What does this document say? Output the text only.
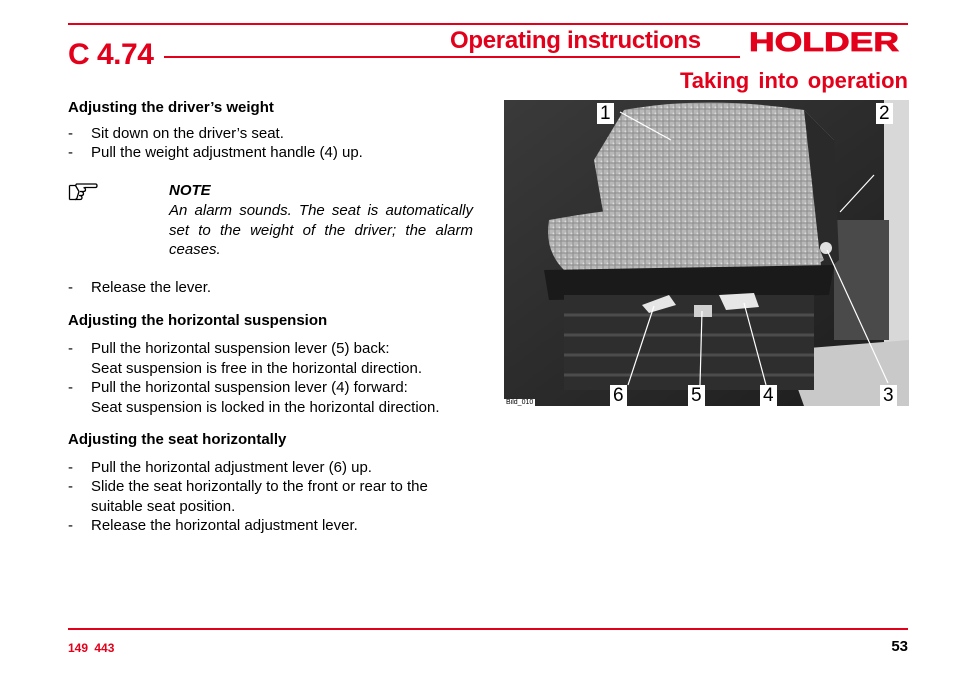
C 4.74	Operating instructions HOLDER
Taking into operation
Adjusting the driver’s weight
- Sit down on the driver’s seat.
- Pull the weight adjustment handle (4) up.
NOTE
An alarm sounds. The seat is automatically set to the weight of the driver; the alarm ceases.
- Release the lever.
Adjusting the horizontal suspension
- Pull the horizontal suspension lever (5) back:
Seat suspension is free in the horizontal direction.
- Pull the horizontal suspension lever (4) forward:
Seat suspension is locked in the horizontal direction.
Adjusting the seat horizontally
- Pull the horizontal adjustment lever (6) up.
- Slide the seat horizontally to the front or rear to the
suitable seat position.
- Release the horizontal adjustment lever.
1	2
3
4
5
6
Bild_010
149 443	53
